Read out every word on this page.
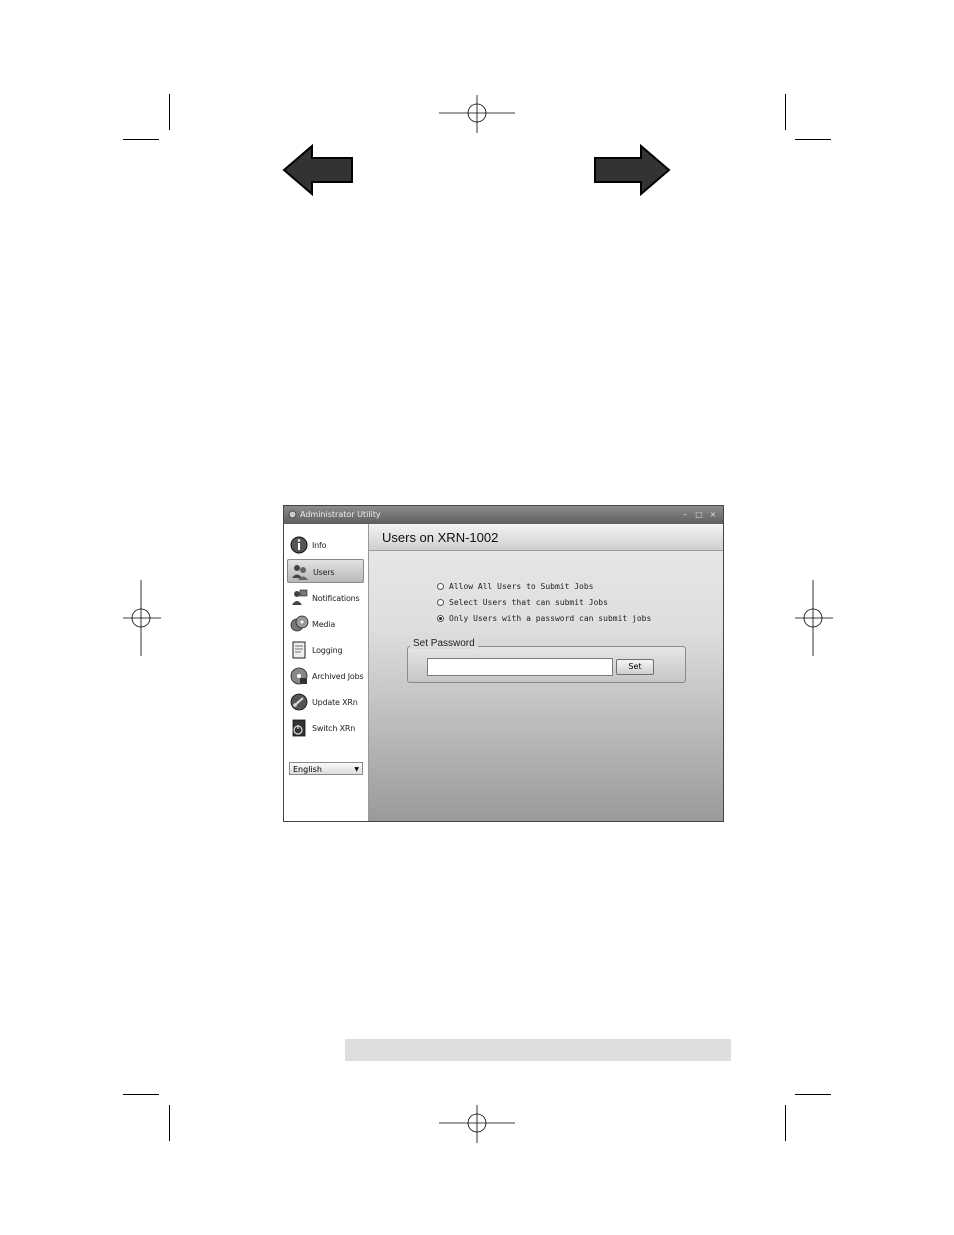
Administrator Utility	–	□ ×
Info
Users
Notifications
Media
Logging
Archived Jobs
Update XRn
Switch XRn
English	▼
Users on XRN-1002
Allow All Users to Submit Jobs
Select Users that can submit Jobs
Only Users with a password can submit jobs
Set Password
Set
